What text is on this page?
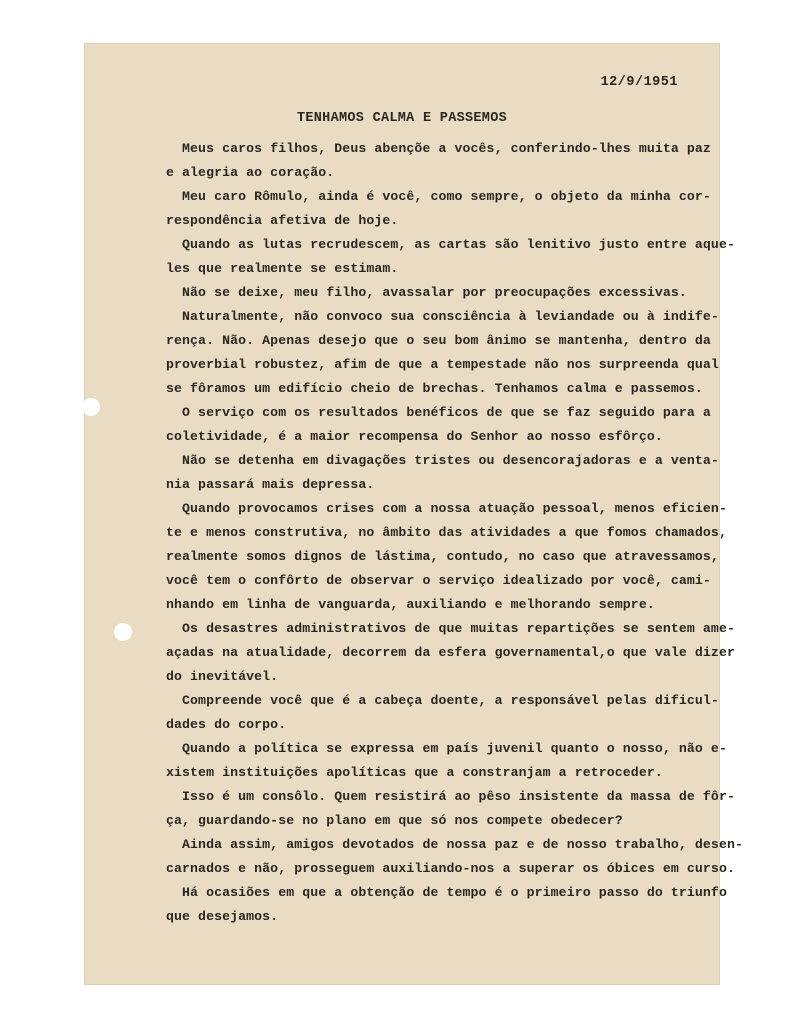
12/9/1951
TENHAMOS CALMA E PASSEMOS
Meus caros filhos, Deus abençõe a vocês, conferindo-lhes muita paz
e alegria ao coração.
Meu caro Rômulo, ainda é você, como sempre, o objeto da minha cor-
respondência afetiva de hoje.
Quando as lutas recrudescem, as cartas são lenitivo justo entre aque-
les que realmente se estimam.
Não se deixe, meu filho, avassalar por preocupações excessivas.
Naturalmente, não convoco sua consciência à leviandade ou à indife-
rença. Não. Apenas desejo que o seu bom ânimo se mantenha, dentro da
proverbial robustez, afim de que a tempestade não nos surpreenda qual
se fôramos um edifício cheio de brechas. Tenhamos calma e passemos.
O serviço com os resultados benéficos de que se faz seguido para a
coletividade, é a maior recompensa do Senhor ao nosso esfôrço.
Não se detenha em divagações tristes ou desencorajadoras e a venta-
nia passará mais depressa.
Quando provocamos crises com a nossa atuação pessoal, menos eficien-
te e menos construtiva, no âmbito das atividades a que fomos chamados,
realmente somos dignos de lástima, contudo, no caso que atravessamos,
você tem o confôrto de observar o serviço idealizado por você, cami-
nhando em linha de vanguarda, auxiliando e melhorando sempre.
Os desastres administrativos de que muitas repartições se sentem ame-
açadas na atualidade, decorrem da esfera governamental,o que vale dizer
do inevitável.
Compreende você que é a cabeça doente, a responsável pelas dificul-
dades do corpo.
Quando a política se expressa em país juvenil quanto o nosso, não e-
xistem instituições apolíticas que a constranjam a retroceder.
Isso é um consôlo. Quem resistirá ao pêso insistente da massa de fôr-
ça, guardando-se no plano em que só nos compete obedecer?
Ainda assim, amigos devotados de nossa paz e de nosso trabalho, desen-
carnados e não, prosseguem auxiliando-nos a superar os óbices em curso.
Há ocasiões em que a obtenção de tempo é o primeiro passo do triunfo
que desejamos.
